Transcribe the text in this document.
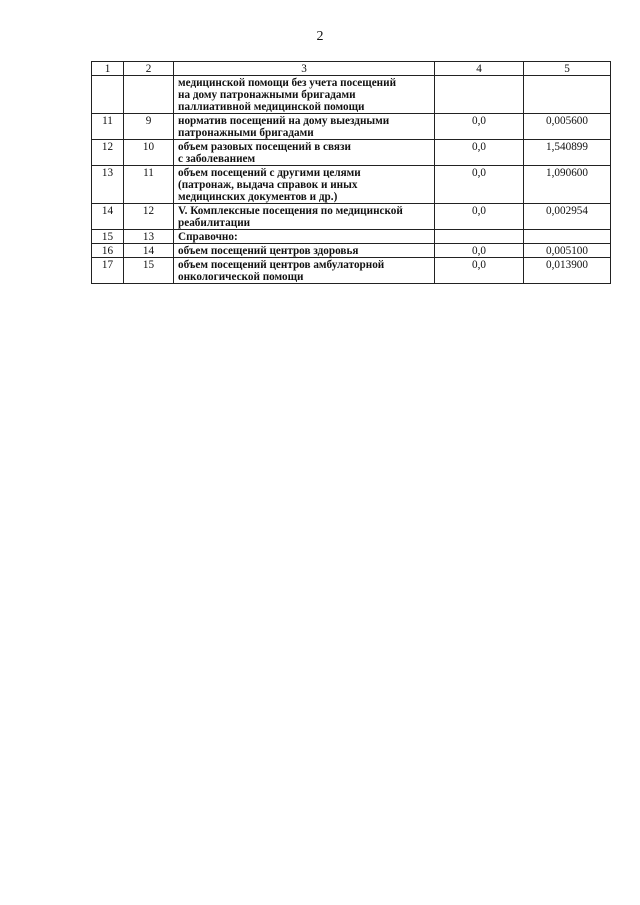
2
1	2	3	4	5

		медицинской помощи без учета посещений
на дому патронажными бригадами
паллиативной медицинской помощи		

11	9	норматив посещений на дому выездными
патронажными бригадами	0,0	0,005600
12	10	объем разовых посещений в связи
с заболеванием	0,0	1,540899
13	11	объем посещений с другими целями
(патронаж, выдача справок и иных
медицинских документов и др.)	0,0	1,090600
14	12	V. Комплексные посещения по медицинской
реабилитации	0,0	0,002954
15	13	Справочно:		

16	14	объем посещений центров здоровья	0,0	0,005100
17	15	объем посещений центров амбулаторной
онкологической помощи	0,0	0,013900
